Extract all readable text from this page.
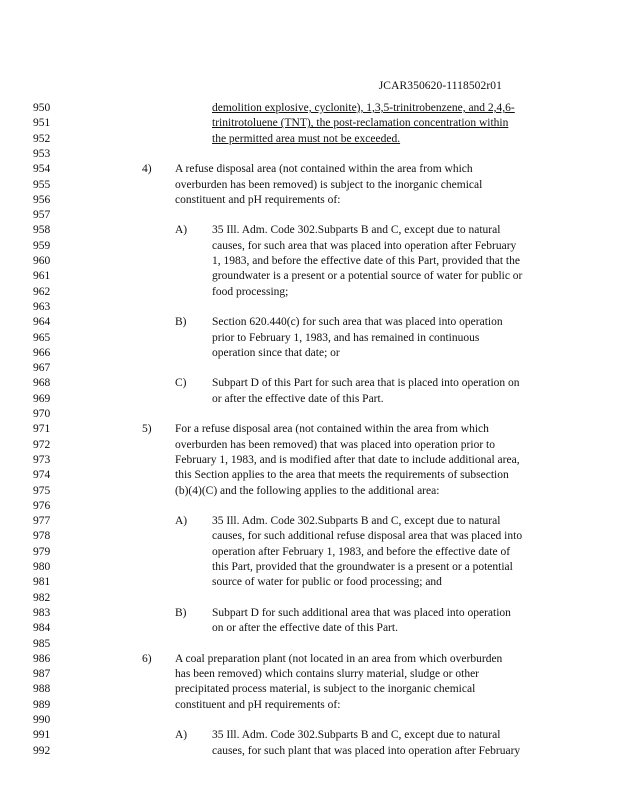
JCAR350620-1118502r01
950	demolition explosive, cyclonite), 1,3,5-trinitrobenzene, and 2,4,6-
951	trinitrotoluene (TNT), the post-reclamation concentration within
952	the permitted area must not be exceeded.
953
954	4) A refuse disposal area (not contained within the area from which
955	overburden has been removed) is subject to the inorganic chemical
956	constituent and pH requirements of:
957
958	A) 35 Ill. Adm. Code 302.Subparts B and C, except due to natural
959	causes, for such area that was placed into operation after February
960	1, 1983, and before the effective date of this Part, provided that the
961	groundwater is a present or a potential source of water for public or
962	food processing;
963
964	B) Section 620.440(c) for such area that was placed into operation
965	prior to February 1, 1983, and has remained in continuous
966	operation since that date; or
967
968	C) Subpart D of this Part for such area that is placed into operation on
969	or after the effective date of this Part.
970
971	5) For a refuse disposal area (not contained within the area from which
972	overburden has been removed) that was placed into operation prior to
973	February 1, 1983, and is modified after that date to include additional area,
974	this Section applies to the area that meets the requirements of subsection
975	(b)(4)(C) and the following applies to the additional area:
976
977	A) 35 Ill. Adm. Code 302.Subparts B and C, except due to natural
978	causes, for such additional refuse disposal area that was placed into
979	operation after February 1, 1983, and before the effective date of
980	this Part, provided that the groundwater is a present or a potential
981	source of water for public or food processing; and
982
983	B) Subpart D for such additional area that was placed into operation
984	on or after the effective date of this Part.
985
986	6) A coal preparation plant (not located in an area from which overburden
987	has been removed) which contains slurry material, sludge or other
988	precipitated process material, is subject to the inorganic chemical
989	constituent and pH requirements of:
990
991	A) 35 Ill. Adm. Code 302.Subparts B and C, except due to natural
992	causes, for such plant that was placed into operation after February
